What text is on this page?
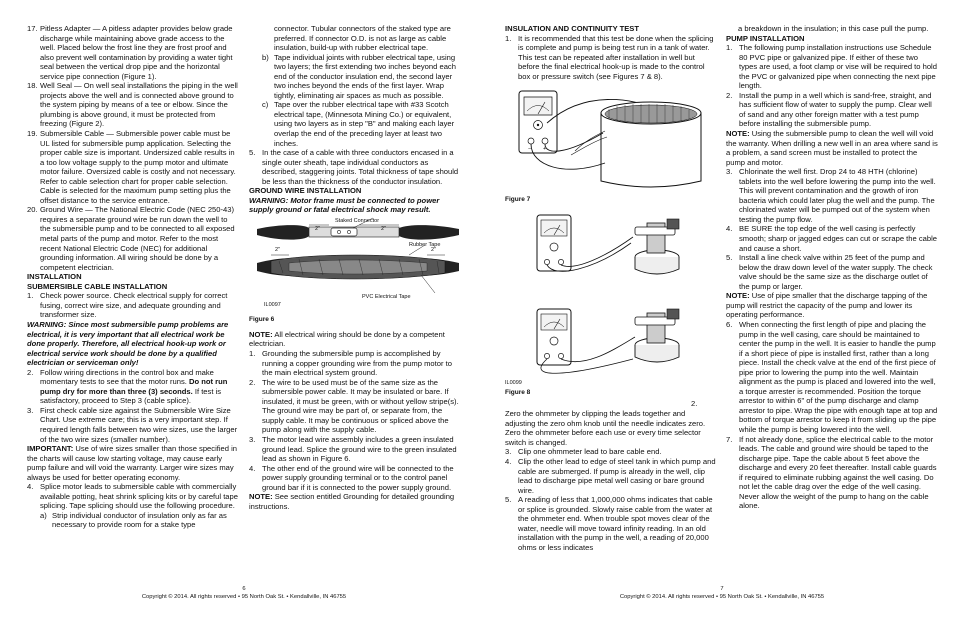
17. Pitless Adapter — A pitless adapter provides below grade discharge while maintaining above grade access to the well. Placed below the frost line they are frost proof and also prevent well contamination by providing a water tight seal between the vertical drop pipe and the horizontal service pipe connection (Figure 1).

18. Well Seal — On well seal installations the piping in the well projects above the well and is connected above ground to the system piping by means of a tee or elbow. Since the plumbing is above ground, it must be protected from freezing (Figure 2).

19. Submersible Cable — Submersible power cable must be UL listed for submersible pump application. Selecting the proper cable size is important. Undersized cable results in a too low voltage supply to the pump motor and ultimate motor failure. Oversized cable is costly and not necessary. Refer to cable selection chart for proper cable selection. Cable is selected for the maximum pump setting plus the offset distance to the service entrance.

20. Ground Wire — The National Electric Code (NEC 250-43) requires a separate ground wire be run down the well to the submersible pump and to be connected to all exposed metal parts of the pump and motor. Refer to the most recent National Electric Code (NEC) for additional grounding information. All wiring should be done by a competent electrician.

INSTALLATION

SUBMERSIBLE CABLE INSTALLATION

1. Check power source. Check electrical supply for correct fusing, correct wire size, and adequate grounding and transformer size.

WARNING: Since most submersible pump problems are electrical, it is very important that all electrical work be done properly. Therefore, all electrical hook-up work or electrical service work should be done by a qualified electrician or serviceman only!

2. Follow wiring directions in the control box and make momentary tests to see that the motor runs. Do not run pump dry for more than three (3) seconds. If test is satisfactory, proceed to Step 3 (cable splice).

3. First check cable size against the Submersible Wire Size Chart. Use extreme care; this is a very important step. If required length falls between two wire sizes, use the larger of the two wire sizes (smaller number).

IMPORTANT: Use of wire sizes smaller than those specified in the charts will cause low starting voltage, may cause early pump failure and will void the warranty. Larger wire sizes may always be used for better operating economy.

4. Splice motor leads to submersible cable with commercially available potting, heat shrink splicing kits or by careful tape splicing. Tape splicing should use the following procedure.

a) Strip individual conductor of insulation only as far as necessary to provide room for a stake type

connector. Tubular connectors of the staked type are preferred. If connector O.D. is not as large as cable insulation, build-up with rubber electrical tape.

b) Tape individual joints with rubber electrical tape, using two layers; the first extending two inches beyond each end of the conductor insulation end, the second layer two inches beyond the ends of the first layer. Wrap tightly, eliminating air spaces as much as possible.

c) Tape over the rubber electrical tape with #33 Scotch electrical tape, (Minnesota Mining Co.) or equivalent, using two layers as in step "B" and making each layer overlap the end of the preceding layer at least two inches.

5. In the case of a cable with three conductors encased in a single outer sheath, tape individual conductors as described, staggering joints. Total thickness of tape should be less than the thickness of the conductor insulation.

GROUND WIRE INSTALLATION

WARNING: Motor frame must be connected to power supply ground or fatal electrical shock may result.

Staked Connector
2"	2"
Rubber Tape
2"	2"
PVC Electrical Tape
IL0097
Figure 6

NOTE: All electrical wiring should be done by a competent electrician.

1. Grounding the submersible pump is accomplished by running a copper grounding wire from the pump motor to the main electrical system ground.

2. The wire to be used must be of the same size as the submersible power cable. It may be insulated or bare. If insulated, it must be green, with or without yellow stripe(s). The ground wire may be part of, or separate from, the supply cable. It may be continuous or spliced above the pump along with the supply cable.

3. The motor lead wire assembly includes a green insulated ground lead. Splice the ground wire to the green insulated lead as shown in Figure 6.

4. The other end of the ground wire will be connected to the power supply grounding terminal or to the control panel ground bar if it is connected to the power supply ground.

NOTE: See section entitled Grounding for detailed grounding instructions.

INSULATION AND CONTINUITY TEST

1. It is recommended that this test be done when the splicing is complete and pump is being test run in a tank of water. This test can be repeated after installation in well but before the final electrical hook-up is made to the control box or pressure switch (see Figures 7 & 8).

− +
Figure 7
IL0099
Figure 8
2.

Zero the ohmmeter by clipping the leads together and adjusting the zero ohm knob until the needle indicates zero. Zero the ohmmeter before each use or every time selector switch is changed.

3. Clip one ohmmeter lead to bare cable end.

4. Clip the other lead to edge of steel tank in which pump and cable are submerged. If pump is already in the well, clip lead to discharge pipe metal well casing or bare ground wire.

5. A reading of less that 1,000,000 ohms indicates that cable or splice is grounded. Slowly raise cable from the water at the ohmmeter end. When trouble spot moves clear of the water, needle will move toward infinity reading. In an old installation with the pump in the well, a reading of 20,000 ohms or less indicates

a breakdown in the insulation; in this case pull the pump.

PUMP INSTALLATION

1. The following pump installation instructions use Schedule 80 PVC pipe or galvanized pipe. If either of these two types are used, a foot clamp or vise will be required to hold the PVC or galvanized pipe when connecting the next pipe length.

2. Install the pump in a well which is sand-free, straight, and has sufficient flow of water to supply the pump. Clear well of sand and any other foreign matter with a test pump before installing the submersible pump.

NOTE: Using the submersible pump to clean the well will void the warranty. When drilling a new well in an area where sand is a problem, a sand screen must be installed to protect the pump and motor.

3. Chlorinate the well first. Drop 24 to 48 HTH (chlorine) tablets into the well before lowering the pump into the well. This will prevent contamination and the growth of iron bacteria which could later plug the well and the pump. The chlorinated water will be pumped out of the system when testing the pump flow.

4. BE SURE the top edge of the well casing is perfectly smooth; sharp or jagged edges can cut or scrape the cable and cause a short.

5. Install a line check valve within 25 feet of the pump and below the draw down level of the water supply. The check valve should be the same size as the discharge outlet of the pump or larger.

NOTE: Use of pipe smaller that the discharge tapping of the pump will restrict the capacity of the pump and lower its operating performance.

6. When connecting the first length of pipe and placing the pump in the well casing, care should be maintained to center the pump in the well. It is easier to handle the pump if a short piece of pipe is installed first, rather than a long piece. Install the check valve at the end of the first piece of pipe prior to lowering the pump into the well. Maintain alignment as the pump is placed and lowered into the well, a torque arrester is recommended. Position the torque arrestor to within 6" of the pump discharge and clamp arrestor to pipe. Wrap the pipe with enough tape at top and bottom of torque arrestor to keep it from sliding up the pipe while the pump is being lowered into the well.

7. If not already done, splice the electrical cable to the motor leads. The cable and ground wire should be taped to the discharge pipe. Tape the cable about 5 feet above the discharge and every 20 feet thereafter. Install cable guards if required to eliminate rubbing against the well casing. Do not let the cable drag over the edge of the well casing. Never allow the weight of the pump to hang on the cable alone.

6
Copyright © 2014. All rights reserved • 95 North Oak St. • Kendallville, IN 46755
7
Copyright © 2014. All rights reserved • 95 North Oak St. • Kendallville, IN 46755
